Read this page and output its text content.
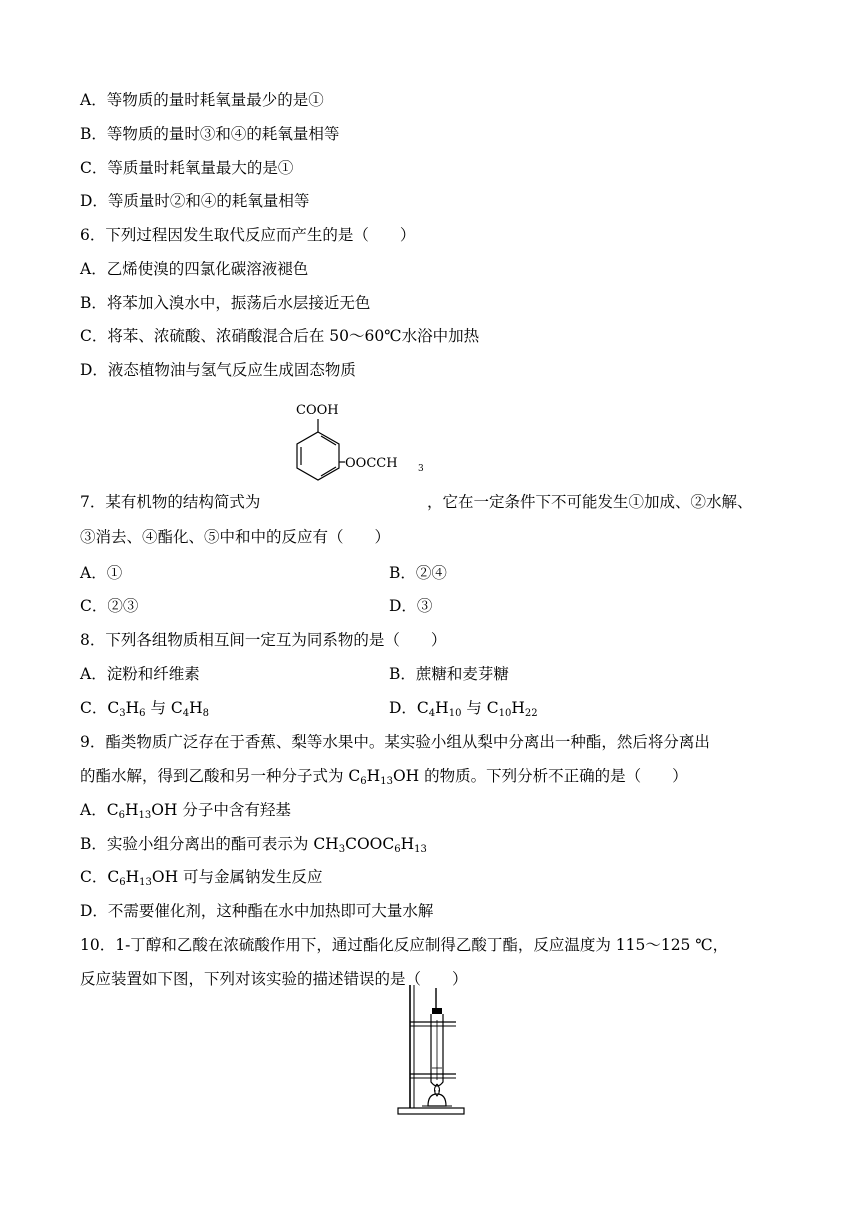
A．等物质的量时耗氧量最少的是①
B．等物质的量时③和④的耗氧量相等
C．等质量时耗氧量最大的是①
D．等质量时②和④的耗氧量相等
6．下列过程因发生取代反应而产生的是（　　）
A．乙烯使溴的四氯化碳溶液褪色
B．将苯加入溴水中，振荡后水层接近无色
C．将苯、浓硫酸、浓硝酸混合后在 50～60℃水浴中加热
D．液态植物油与氢气反应生成固态物质
COOH
OOCCH 3
7．某有机物的结构简式为	，它在一定条件下不可能发生①加成、②水解、
③消去、④酯化、⑤中和中的反应有（　　）
A．①	B．②④
C．②③	D．③
8．下列各组物质相互间一定互为同系物的是（　　）
A．淀粉和纤维素	B．蔗糖和麦芽糖
C．$C_3H_6$ 与 $C_4H_8$	D．$C_4H_{10}$ 与 $C_{10}H_{22}$
9．酯类物质广泛存在于香蕉、梨等水果中。某实验小组从梨中分离出一种酯，然后将分离出
的酯水解，得到乙酸和另一种分子式为 $C_6H_{13}OH$ 的物质。下列分析不正确的是（　　）
A．$C_6H_{13}OH$ 分子中含有羟基
B．实验小组分离出的酯可表示为 $CH_3COOC_6H_{13}$
C．$C_6H_{13}OH$ 可与金属钠发生反应
D．不需要催化剂，这种酯在水中加热即可大量水解
10．1-丁醇和乙酸在浓硫酸作用下，通过酯化反应制得乙酸丁酯，反应温度为 115～125 ℃，
反应装置如下图，下列对该实验的描述错误的是（　　）
